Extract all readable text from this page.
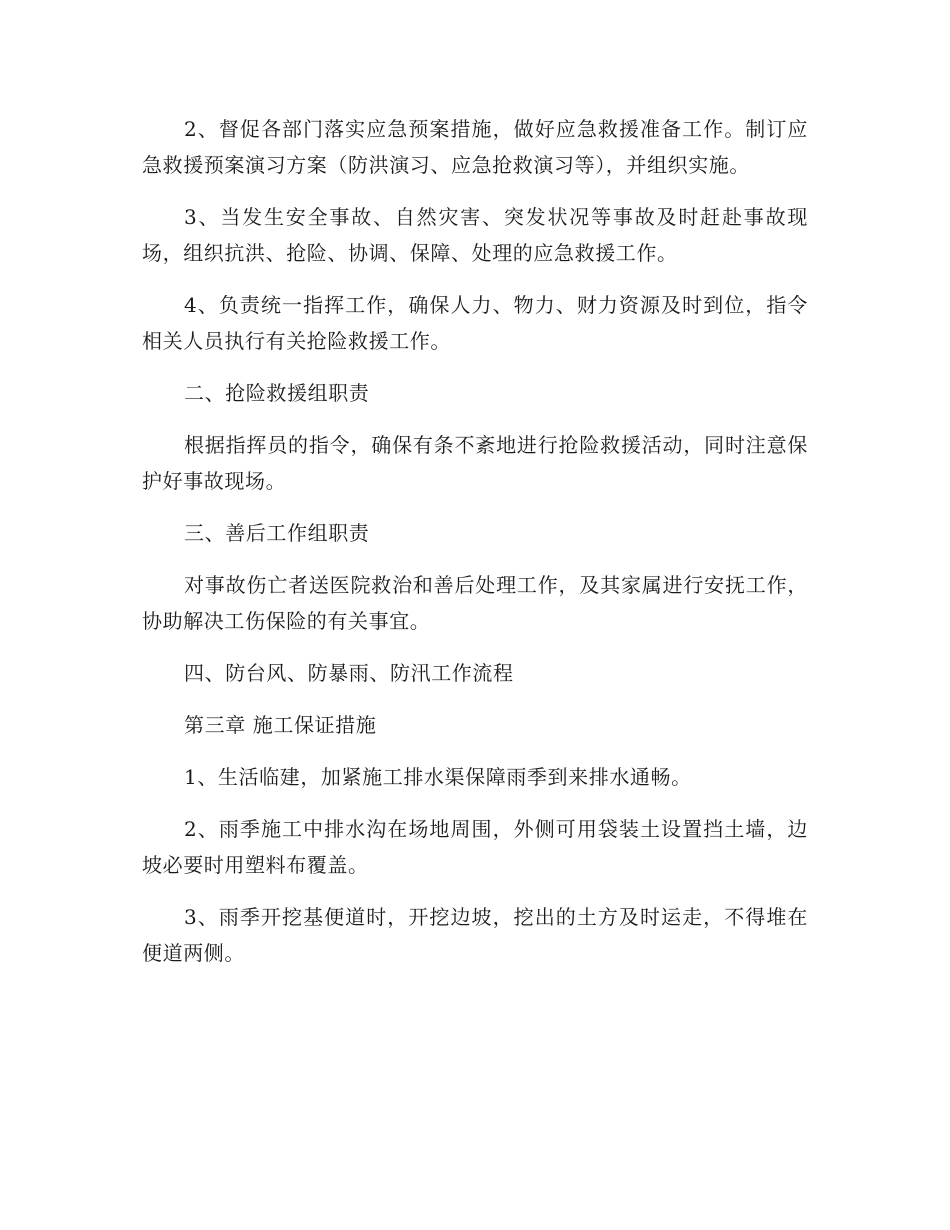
2、督促各部门落实应急预案措施，做好应急救援准备工作。制订应急救援预案演习方案（防洪演习、应急抢救演习等），并组织实施。

3、当发生安全事故、自然灾害、突发状况等事故及时赶赴事故现场，组织抗洪、抢险、协调、保障、处理的应急救援工作。

4、负责统一指挥工作，确保人力、物力、财力资源及时到位，指令相关人员执行有关抢险救援工作。

二、抢险救援组职责

根据指挥员的指令，确保有条不紊地进行抢险救援活动，同时注意保护好事故现场。

三、善后工作组职责

对事故伤亡者送医院救治和善后处理工作，及其家属进行安抚工作，协助解决工伤保险的有关事宜。

四、防台风、防暴雨、防汛工作流程

第三章 施工保证措施

1、生活临建，加紧施工排水渠保障雨季到来排水通畅。

2、雨季施工中排水沟在场地周围，外侧可用袋装土设置挡土墙，边坡必要时用塑料布覆盖。

3、雨季开挖基便道时，开挖边坡，挖出的土方及时运走，不得堆在便道两侧。
